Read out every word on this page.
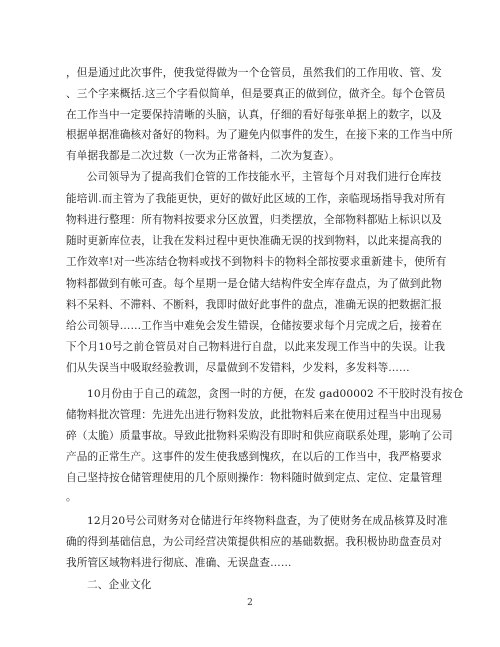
，但是通过此次事件，使我觉得做为一个仓管员，虽然我们的工作用收、管、发
、三个字来概括.这三个字看似简单，但是要真正的做到位，做齐全。每个仓管员
在工作当中一定要保持清晰的头脑，认真，仔细的看好每张单据上的数字，以及
根据单据准确核对备好的物料。为了避免内似事件的发生，在接下来的工作当中所
有单据我都是二次过数（一次为正常备料，二次为复查）。
公司领导为了提高我们仓管的工作技能水平，主管每个月对我们进行仓库技
能培训.而主管为了我能更快，更好的做好此区域的工作，亲临现场指导我对所有
物料进行整理：所有物料按要求分区放置，归类摆放，全部物料都贴上标识以及
随时更新库位表，让我在发料过程中更快准确无误的找到物料，以此来提高我的
工作效率!对一些冻结仓物料或找不到物料卡的物料全部按要求重新建卡，使所有
物料都做到有帐可查。每个星期一是仓储大结构件安全库存盘点，为了做到此物
料不呆料、不滞料、不断料，我即时做好此事件的盘点，准确无误的把数据汇报
给公司领导……工作当中难免会发生错误，仓储按要求每个月完成之后，接着在
下个月10号之前仓管员对自己物料进行自盘，以此来发现工作当中的失误。让我
们从失误当中吸取经验教训，尽量做到不发错料，少发料，多发料等……
10月份由于自己的疏忽，贪图一时的方便，在发 gad00002 不干胶时没有按仓
储物料批次管理：先进先出进行物料发放，此批物料后来在使用过程当中出现易
碎（太脆）质量事故。导致此批物料采购没有即时和供应商联系处理，影响了公司
产品的正常生产。这事件的发生使我感到愧疚，在以后的工作当中，我严格要求
自己坚持按仓储管理使用的几个原则操作：物料随时做到定点、定位、定量管理
。
12月20号公司财务对仓储进行年终物料盘查，为了使财务在成品核算及时准
确的得到基础信息，为公司经营决策提供相应的基础数据。我积极协助盘查员对
我所管区域物料进行彻底、准确、无误盘查……
二、企业文化
2
